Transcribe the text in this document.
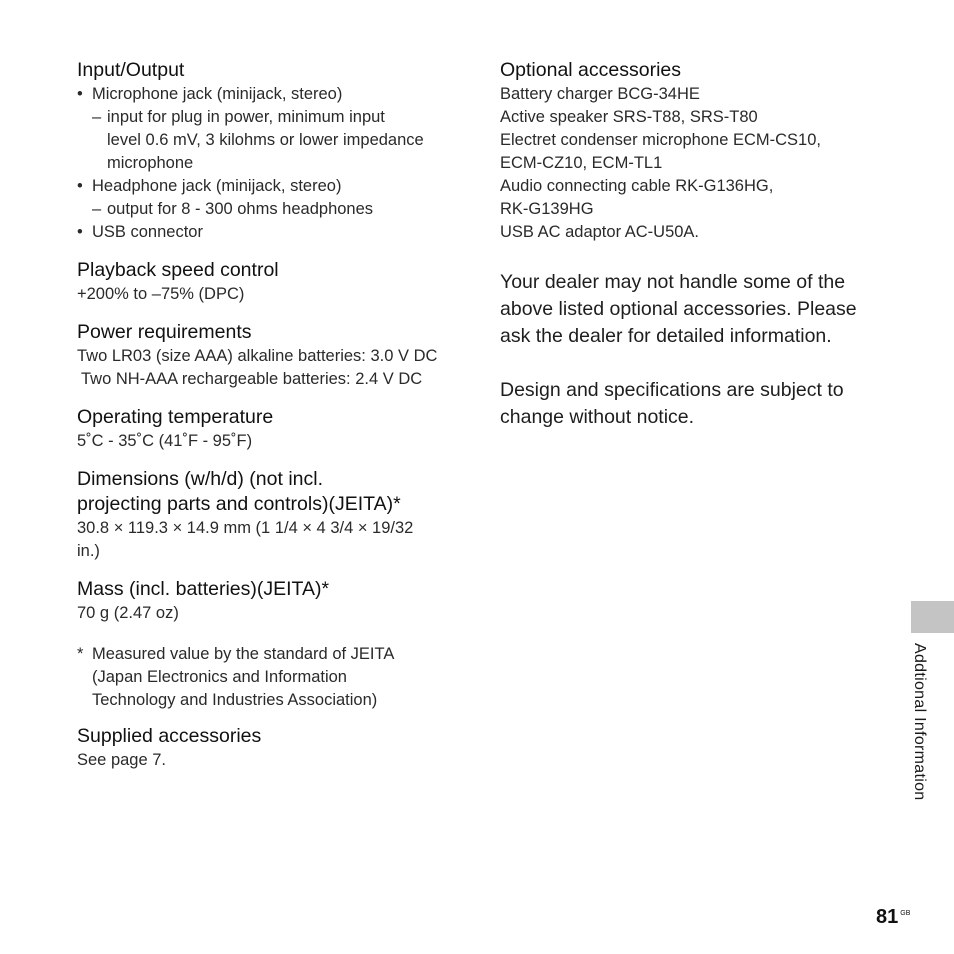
Input/Output
• Microphone jack (minijack, stereo)
– input for plug in power, minimum input
level 0.6 mV, 3 kilohms or lower impedance
microphone
• Headphone jack (minijack, stereo)
– output for 8 - 300 ohms headphones
• USB connector
Playback speed control
+200% to –75% (DPC)
Power requirements
Two LR03 (size AAA) alkaline batteries: 3.0 V DC
Two NH-AAA rechargeable batteries: 2.4 V DC
Operating temperature
5˚C - 35˚C (41˚F - 95˚F)
Dimensions (w/h/d) (not incl.
projecting parts and controls)(JEITA)*
30.8 × 119.3 × 14.9 mm (1 1/4 × 4 3/4 × 19/32
in.)
Mass (incl. batteries)(JEITA)*
70 g (2.47 oz)
* Measured value by the standard of JEITA
(Japan Electronics and Information
Technology and Industries Association)
Supplied accessories
See page 7.
Optional accessories
Battery charger BCG-34HE
Active speaker SRS-T88, SRS-T80
Electret condenser microphone ECM-CS10,
ECM-CZ10, ECM-TL1
Audio connecting cable RK-G136HG,
RK-G139HG
USB AC adaptor AC-U50A.
Your dealer may not handle some of the
above listed optional accessories. Please
ask the dealer for detailed information.
Design and specifications are subject to
change without notice.
Addtional Information
81 $^{GB}$
